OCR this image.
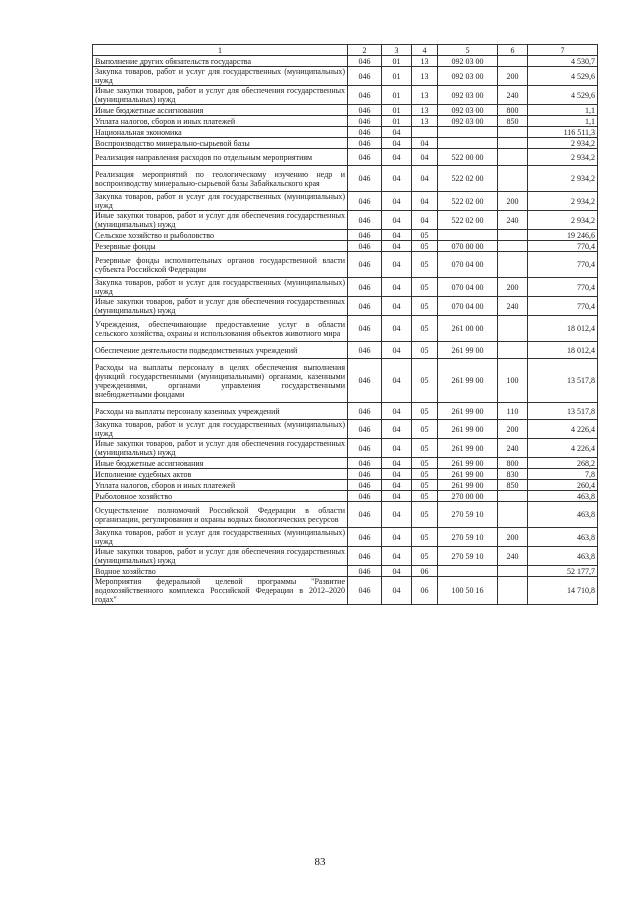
1	2	3	4	5	6	7
Выполнение других обязательств государства	046	01	13	092 03 00		4 530,7
Закупка товаров, работ и услуг для государственных (муниципальных) нужд	046	01	13	092 03 00	200	4 529,6
Иные закупки товаров, работ и услуг для обеспечения государственных (муниципальных) нужд	046	01	13	092 03 00	240	4 529,6
Иные бюджетные ассигнования	046	01	13	092 03 00	800	1,1
Уплата налогов, сборов и иных платежей	046	01	13	092 03 00	850	1,1
Национальная экономика	046	04				116 511,3
Воспроизводство минерально-сырьевой базы	046	04	04			2 934,2
Реализация направления расходов по отдельным мероприятиям	046	04	04	522 00 00		2 934,2
Реализация мероприятий по геологическому изучению недр и воспроизводству минерально-сырьевой базы Забайкальского края	046	04	04	522 02 00		2 934,2
Закупка товаров, работ и услуг для государственных (муниципальных) нужд	046	04	04	522 02 00	200	2 934,2
Иные закупки товаров, работ и услуг для обеспечения государственных (муниципальных) нужд	046	04	04	522 02 00	240	2 934,2
Сельское хозяйство и рыболовство	046	04	05			19 246,6
Резервные фонды	046	04	05	070 00 00		770,4
Резервные фонды исполнительных органов государственной власти субъекта Российской Федерации	046	04	05	070 04 00		770,4
Закупка товаров, работ и услуг для государственных (муниципальных) нужд	046	04	05	070 04 00	200	770,4
Иные закупки товаров, работ и услуг для обеспечения государственных (муниципальных) нужд	046	04	05	070 04 00	240	770,4
Учреждения, обеспечивающие предоставление услуг в области сельского хозяйства, охраны и использования объектов животного мира	046	04	05	261 00 00		18 012,4
Обеспечение деятельности подведомственных учреждений	046	04	05	261 99 00		18 012,4
Расходы на выплаты персоналу в целях обеспечения выполнения функций государственными (муниципальными) органами, казенными учреждениями, органами управления государственными внебюджетными фондами	046	04	05	261 99 00	100	13 517,8
Расходы на выплаты персоналу казенных учреждений	046	04	05	261 99 00	110	13 517,8
Закупка товаров, работ и услуг для государственных (муниципальных) нужд	046	04	05	261 99 00	200	4 226,4
Иные закупки товаров, работ и услуг для обеспечения государственных (муниципальных) нужд	046	04	05	261 99 00	240	4 226,4
Иные бюджетные ассигнования	046	04	05	261 99 00	800	268,2
Исполнение судебных актов	046	04	05	261 99 00	830	7,8
Уплата налогов, сборов и иных платежей	046	04	05	261 99 00	850	260,4
Рыболовное хозяйство	046	04	05	270 00 00		463,8
Осуществление полномочий Российской Федерации в области организации, регулирования и охраны водных биологических ресурсов	046	04	05	270 59 10		463,8
Закупка товаров, работ и услуг для государственных (муниципальных) нужд	046	04	05	270 59 10	200	463,8
Иные закупки товаров, работ и услуг для обеспечения государственных (муниципальных) нужд	046	04	05	270 59 10	240	463,8
Водное хозяйство	046	04	06			52 177,7
Мероприятия федеральной целевой программы "Развитие водохозяйственного комплекса Российской Федерации в 2012–2020 годах"	046	04	06	100 50 16		14 710,8
83
